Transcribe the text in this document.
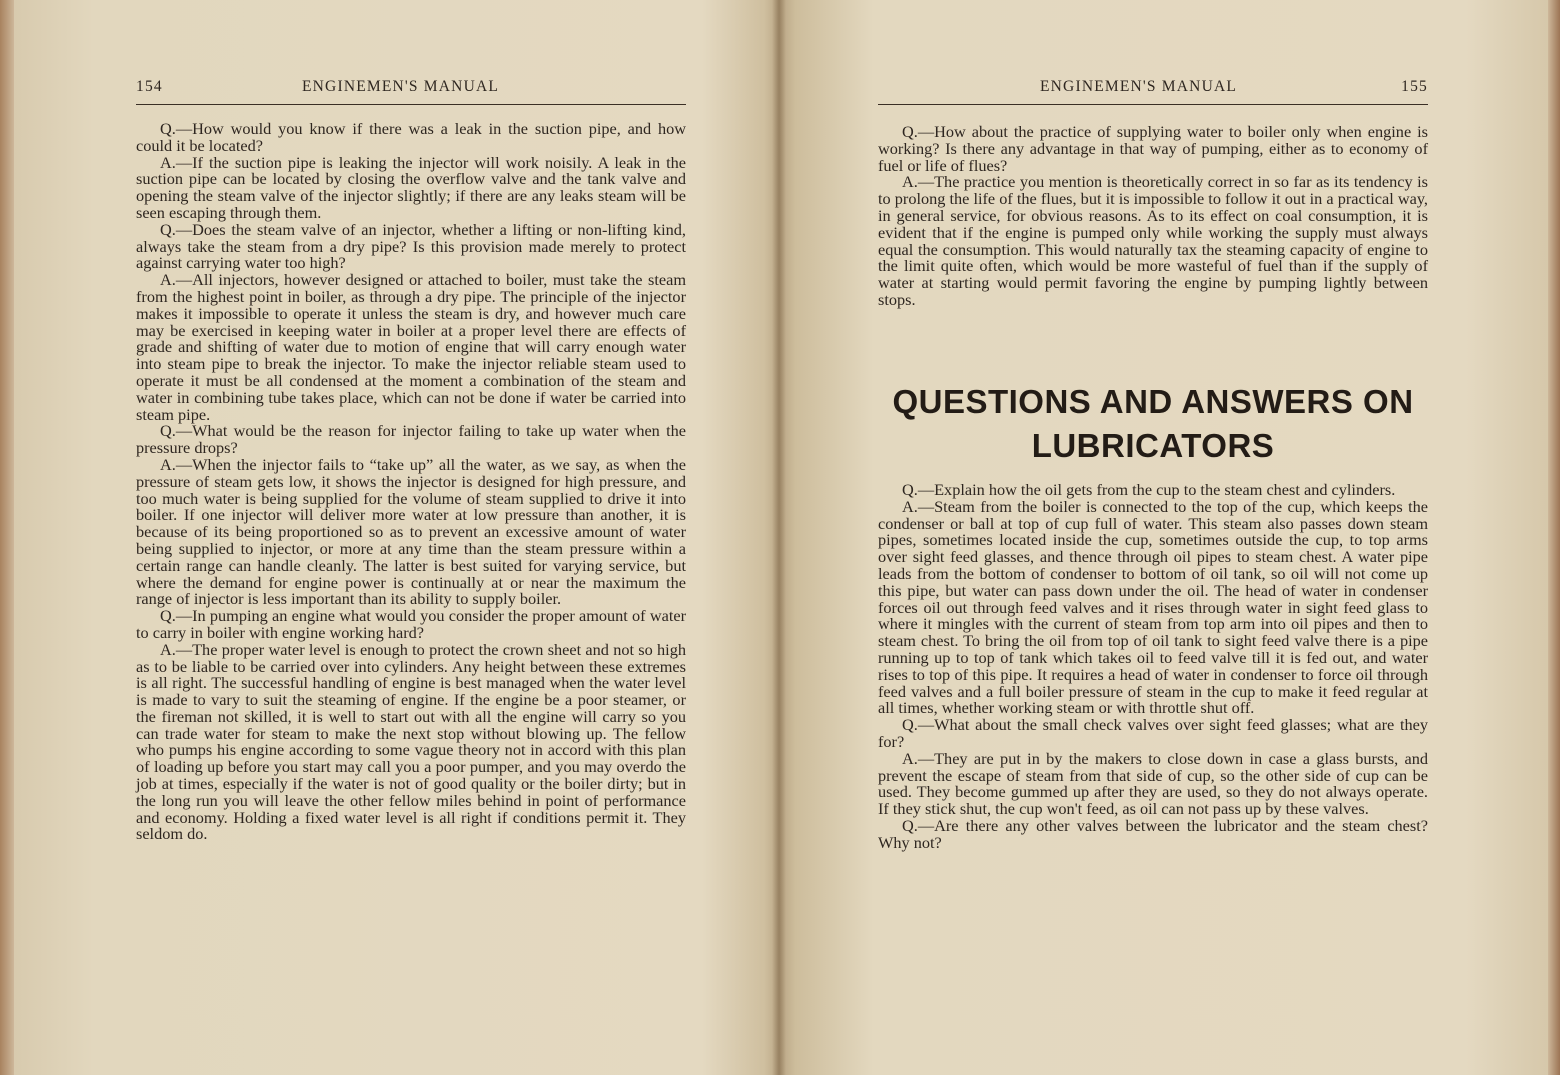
154	ENGINEMEN'S MANUAL

Q.—How would you know if there was a leak in the suction pipe, and how could it be located?

A.—If the suction pipe is leaking the injector will work noisily. A leak in the suction pipe can be located by closing the overflow valve and the tank valve and opening the steam valve of the injector slightly; if there are any leaks steam will be seen escaping through them.

Q.—Does the steam valve of an injector, whether a lifting or non-lifting kind, always take the steam from a dry pipe? Is this provision made merely to protect against carrying water too high?

A.—All injectors, however designed or attached to boiler, must take the steam from the highest point in boiler, as through a dry pipe. The principle of the injector makes it impossible to operate it unless the steam is dry, and however much care may be exercised in keeping water in boiler at a proper level there are effects of grade and shifting of water due to motion of engine that will carry enough water into steam pipe to break the injector. To make the injector reliable steam used to operate it must be all condensed at the moment a combination of the steam and water in combining tube takes place, which can not be done if water be carried into steam pipe.

Q.—What would be the reason for injector failing to take up water when the pressure drops?

A.—When the injector fails to “take up” all the water, as we say, as when the pressure of steam gets low, it shows the injector is designed for high pressure, and too much water is being supplied for the volume of steam supplied to drive it into boiler. If one injector will deliver more water at low pressure than another, it is because of its being proportioned so as to prevent an excessive amount of water being supplied to injector, or more at any time than the steam pressure within a certain range can handle cleanly. The latter is best suited for varying service, but where the demand for engine power is continually at or near the maximum the range of injector is less important than its ability to supply boiler.

Q.—In pumping an engine what would you consider the proper amount of water to carry in boiler with engine working hard?

A.—The proper water level is enough to protect the crown sheet and not so high as to be liable to be carried over into cylinders. Any height between these extremes is all right. The successful handling of engine is best managed when the water level is made to vary to suit the steaming of engine. If the engine be a poor steamer, or the fireman not skilled, it is well to start out with all the engine will carry so you can trade water for steam to make the next stop without blowing up. The fellow who pumps his engine according to some vague theory not in accord with this plan of loading up before you start may call you a poor pumper, and you may overdo the job at times, especially if the water is not of good quality or the boiler dirty; but in the long run you will leave the other fellow miles behind in point of performance and economy. Holding a fixed water level is all right if conditions permit it. They seldom do.

ENGINEMEN'S MANUAL	155

Q.—How about the practice of supplying water to boiler only when engine is working? Is there any advantage in that way of pumping, either as to economy of fuel or life of flues?

A.—The practice you mention is theoretically correct in so far as its tendency is to prolong the life of the flues, but it is impossible to follow it out in a practical way, in general service, for obvious reasons. As to its effect on coal consumption, it is evident that if the engine is pumped only while working the supply must always equal the consumption. This would naturally tax the steaming capacity of engine to the limit quite often, which would be more wasteful of fuel than if the supply of water at starting would permit favoring the engine by pumping lightly between stops.

QUESTIONS AND ANSWERS ON
LUBRICATORS

Q.—Explain how the oil gets from the cup to the steam chest and cylinders.

A.—Steam from the boiler is connected to the top of the cup, which keeps the condenser or ball at top of cup full of water. This steam also passes down steam pipes, sometimes located inside the cup, sometimes outside the cup, to top arms over sight feed glasses, and thence through oil pipes to steam chest. A water pipe leads from the bottom of condenser to bottom of oil tank, so oil will not come up this pipe, but water can pass down under the oil. The head of water in condenser forces oil out through feed valves and it rises through water in sight feed glass to where it mingles with the current of steam from top arm into oil pipes and then to steam chest. To bring the oil from top of oil tank to sight feed valve there is a pipe running up to top of tank which takes oil to feed valve till it is fed out, and water rises to top of this pipe. It requires a head of water in condenser to force oil through feed valves and a full boiler pressure of steam in the cup to make it feed regular at all times, whether working steam or with throttle shut off.

Q.—What about the small check valves over sight feed glasses; what are they for?

A.—They are put in by the makers to close down in case a glass bursts, and prevent the escape of steam from that side of cup, so the other side of cup can be used. They become gummed up after they are used, so they do not always operate. If they stick shut, the cup won't feed, as oil can not pass up by these valves.

Q.—Are there any other valves between the lubricator and the steam chest? Why not?
